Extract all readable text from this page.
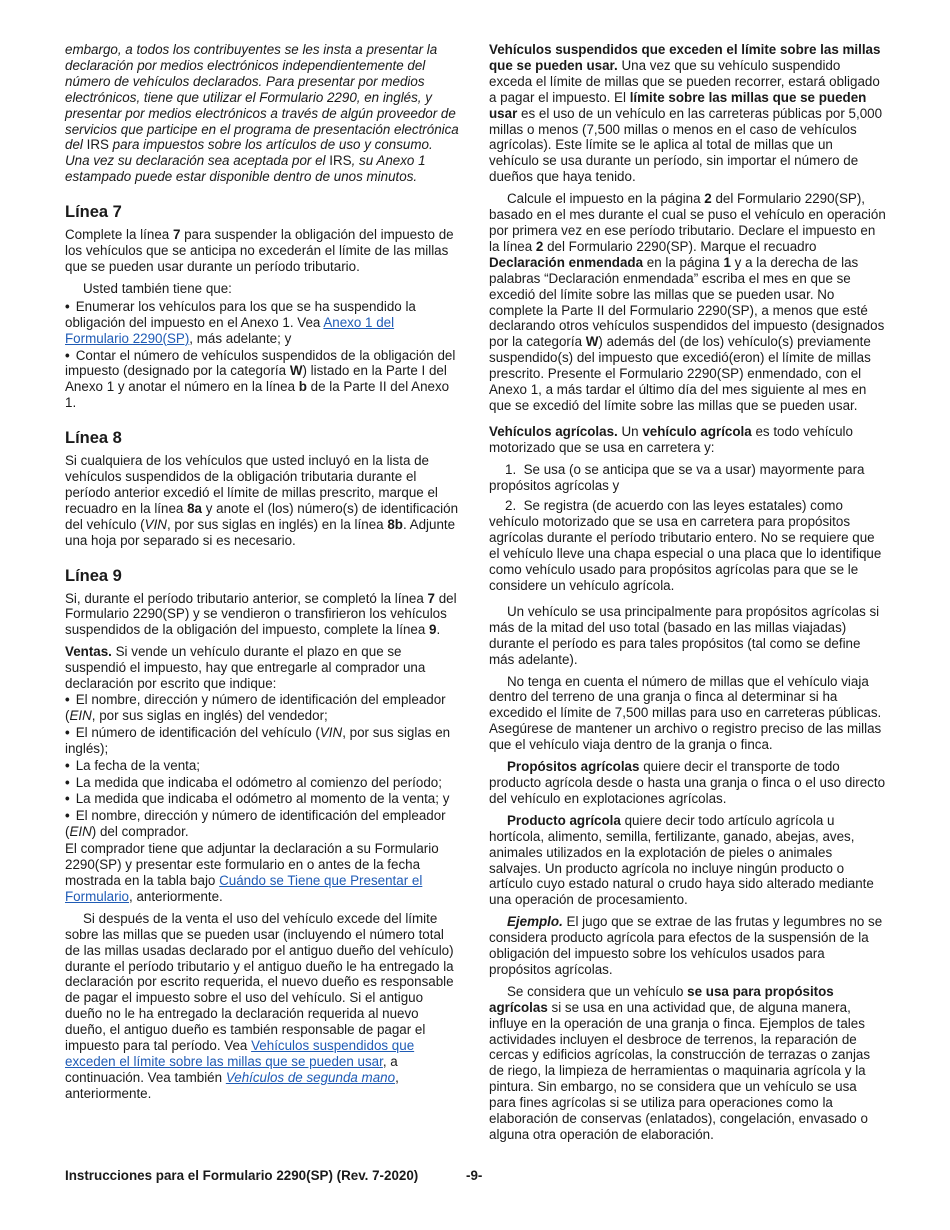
embargo, a todos los contribuyentes se les insta a presentar la declaración por medios electrónicos independientemente del número de vehículos declarados. Para presentar por medios electrónicos, tiene que utilizar el Formulario 2290, en inglés, y presentar por medios electrónicos a través de algún proveedor de servicios que participe en el programa de presentación electrónica del IRS para impuestos sobre los artículos de uso y consumo. Una vez su declaración sea aceptada por el IRS, su Anexo 1 estampado puede estar disponible dentro de unos minutos.

Línea 7

Complete la línea 7 para suspender la obligación del impuesto de los vehículos que se anticipa no excederán el límite de las millas que se pueden usar durante un período tributario.

Usted también tiene que:

• Enumerar los vehículos para los que se ha suspendido la obligación del impuesto en el Anexo 1. Vea Anexo 1 del Formulario 2290(SP), más adelante; y
• Contar el número de vehículos suspendidos de la obligación del impuesto (designado por la categoría W) listado en la Parte I del Anexo 1 y anotar el número en la línea b de la Parte II del Anexo 1.
Línea 8

Si cualquiera de los vehículos que usted incluyó en la lista de vehículos suspendidos de la obligación tributaria durante el período anterior excedió el límite de millas prescrito, marque el recuadro en la línea 8a y anote el (los) número(s) de identificación del vehículo (VIN, por sus siglas en inglés) en la línea 8b. Adjunte una hoja por separado si es necesario.

Línea 9

Si, durante el período tributario anterior, se completó la línea 7 del Formulario 2290(SP) y se vendieron o transfirieron los vehículos suspendidos de la obligación del impuesto, complete la línea 9.

Ventas. Si vende un vehículo durante el plazo en que se suspendió el impuesto, hay que entregarle al comprador una declaración por escrito que indique:

• El nombre, dirección y número de identificación del empleador (EIN, por sus siglas en inglés) del vendedor;
• El número de identificación del vehículo (VIN, por sus siglas en inglés);
• La fecha de la venta;
• La medida que indicaba el odómetro al comienzo del período;
• La medida que indicaba el odómetro al momento de la venta; y
• El nombre, dirección y número de identificación del empleador (EIN) del comprador.

El comprador tiene que adjuntar la declaración a su Formulario 2290(SP) y presentar este formulario en o antes de la fecha mostrada en la tabla bajo Cuándo se Tiene que Presentar el Formulario, anteriormente.

Si después de la venta el uso del vehículo excede del límite sobre las millas que se pueden usar (incluyendo el número total de las millas usadas declarado por el antiguo dueño del vehículo) durante el período tributario y el antiguo dueño le ha entregado la declaración por escrito requerida, el nuevo dueño es responsable de pagar el impuesto sobre el uso del vehículo. Si el antiguo dueño no le ha entregado la declaración requerida al nuevo dueño, el antiguo dueño es también responsable de pagar el impuesto para tal período. Vea Vehículos suspendidos que exceden el límite sobre las millas que se pueden usar, a continuación. Vea también Vehículos de segunda mano, anteriormente.

Vehículos suspendidos que exceden el límite sobre las millas que se pueden usar. Una vez que su vehículo suspendido exceda el límite de millas que se pueden recorrer, estará obligado a pagar el impuesto. El límite sobre las millas que se pueden usar es el uso de un vehículo en las carreteras públicas por 5,000 millas o menos (7,500 millas o menos en el caso de vehículos agrícolas). Este límite se le aplica al total de millas que un vehículo se usa durante un período, sin importar el número de dueños que haya tenido.

Calcule el impuesto en la página 2 del Formulario 2290(SP), basado en el mes durante el cual se puso el vehículo en operación por primera vez en ese período tributario. Declare el impuesto en la línea 2 del Formulario 2290(SP). Marque el recuadro Declaración enmendada en la página 1 y a la derecha de las palabras “Declaración enmendada” escriba el mes en que se excedió del límite sobre las millas que se pueden usar. No complete la Parte II del Formulario 2290(SP), a menos que esté declarando otros vehículos suspendidos del impuesto (designados por la categoría W) además del (de los) vehículo(s) previamente suspendido(s) del impuesto que excedió(eron) el límite de millas prescrito. Presente el Formulario 2290(SP) enmendado, con el Anexo 1, a más tardar el último día del mes siguiente al mes en que se excedió del límite sobre las millas que se pueden usar.

Vehículos agrícolas. Un vehículo agrícola es todo vehículo motorizado que se usa en carretera y:

1.  Se usa (o se anticipa que se va a usar) mayormente para propósitos agrícolas y
2.  Se registra (de acuerdo con las leyes estatales) como vehículo motorizado que se usa en carretera para propósitos agrícolas durante el período tributario entero. No se requiere que el vehículo lleve una chapa especial o una placa que lo identifique como vehículo usado para propósitos agrícolas para que se le considere un vehículo agrícola.

Un vehículo se usa principalmente para propósitos agrícolas si más de la mitad del uso total (basado en las millas viajadas) durante el período es para tales propósitos (tal como se define más adelante).

No tenga en cuenta el número de millas que el vehículo viaja dentro del terreno de una granja o finca al determinar si ha excedido el límite de 7,500 millas para uso en carreteras públicas. Asegúrese de mantener un archivo o registro preciso de las millas que el vehículo viaja dentro de la granja o finca.

Propósitos agrícolas quiere decir el transporte de todo producto agrícola desde o hasta una granja o finca o el uso directo del vehículo en explotaciones agrícolas.

Producto agrícola quiere decir todo artículo agrícola u hortícola, alimento, semilla, fertilizante, ganado, abejas, aves, animales utilizados en la explotación de pieles o animales salvajes. Un producto agrícola no incluye ningún producto o artículo cuyo estado natural o crudo haya sido alterado mediante una operación de procesamiento.

Ejemplo. El jugo que se extrae de las frutas y legumbres no se considera producto agrícola para efectos de la suspensión de la obligación del impuesto sobre los vehículos usados para propósitos agrícolas.

Se considera que un vehículo se usa para propósitos agrícolas si se usa en una actividad que, de alguna manera, influye en la operación de una granja o finca. Ejemplos de tales actividades incluyen el desbroce de terrenos, la reparación de cercas y edificios agrícolas, la construcción de terrazas o zanjas de riego, la limpieza de herramientas o maquinaria agrícola y la pintura. Sin embargo, no se considera que un vehículo se usa para fines agrícolas si se utiliza para operaciones como la elaboración de conservas (enlatados), congelación, envasado o alguna otra operación de elaboración.

Instrucciones para el Formulario 2290(SP) (Rev. 7-2020)	-9-
